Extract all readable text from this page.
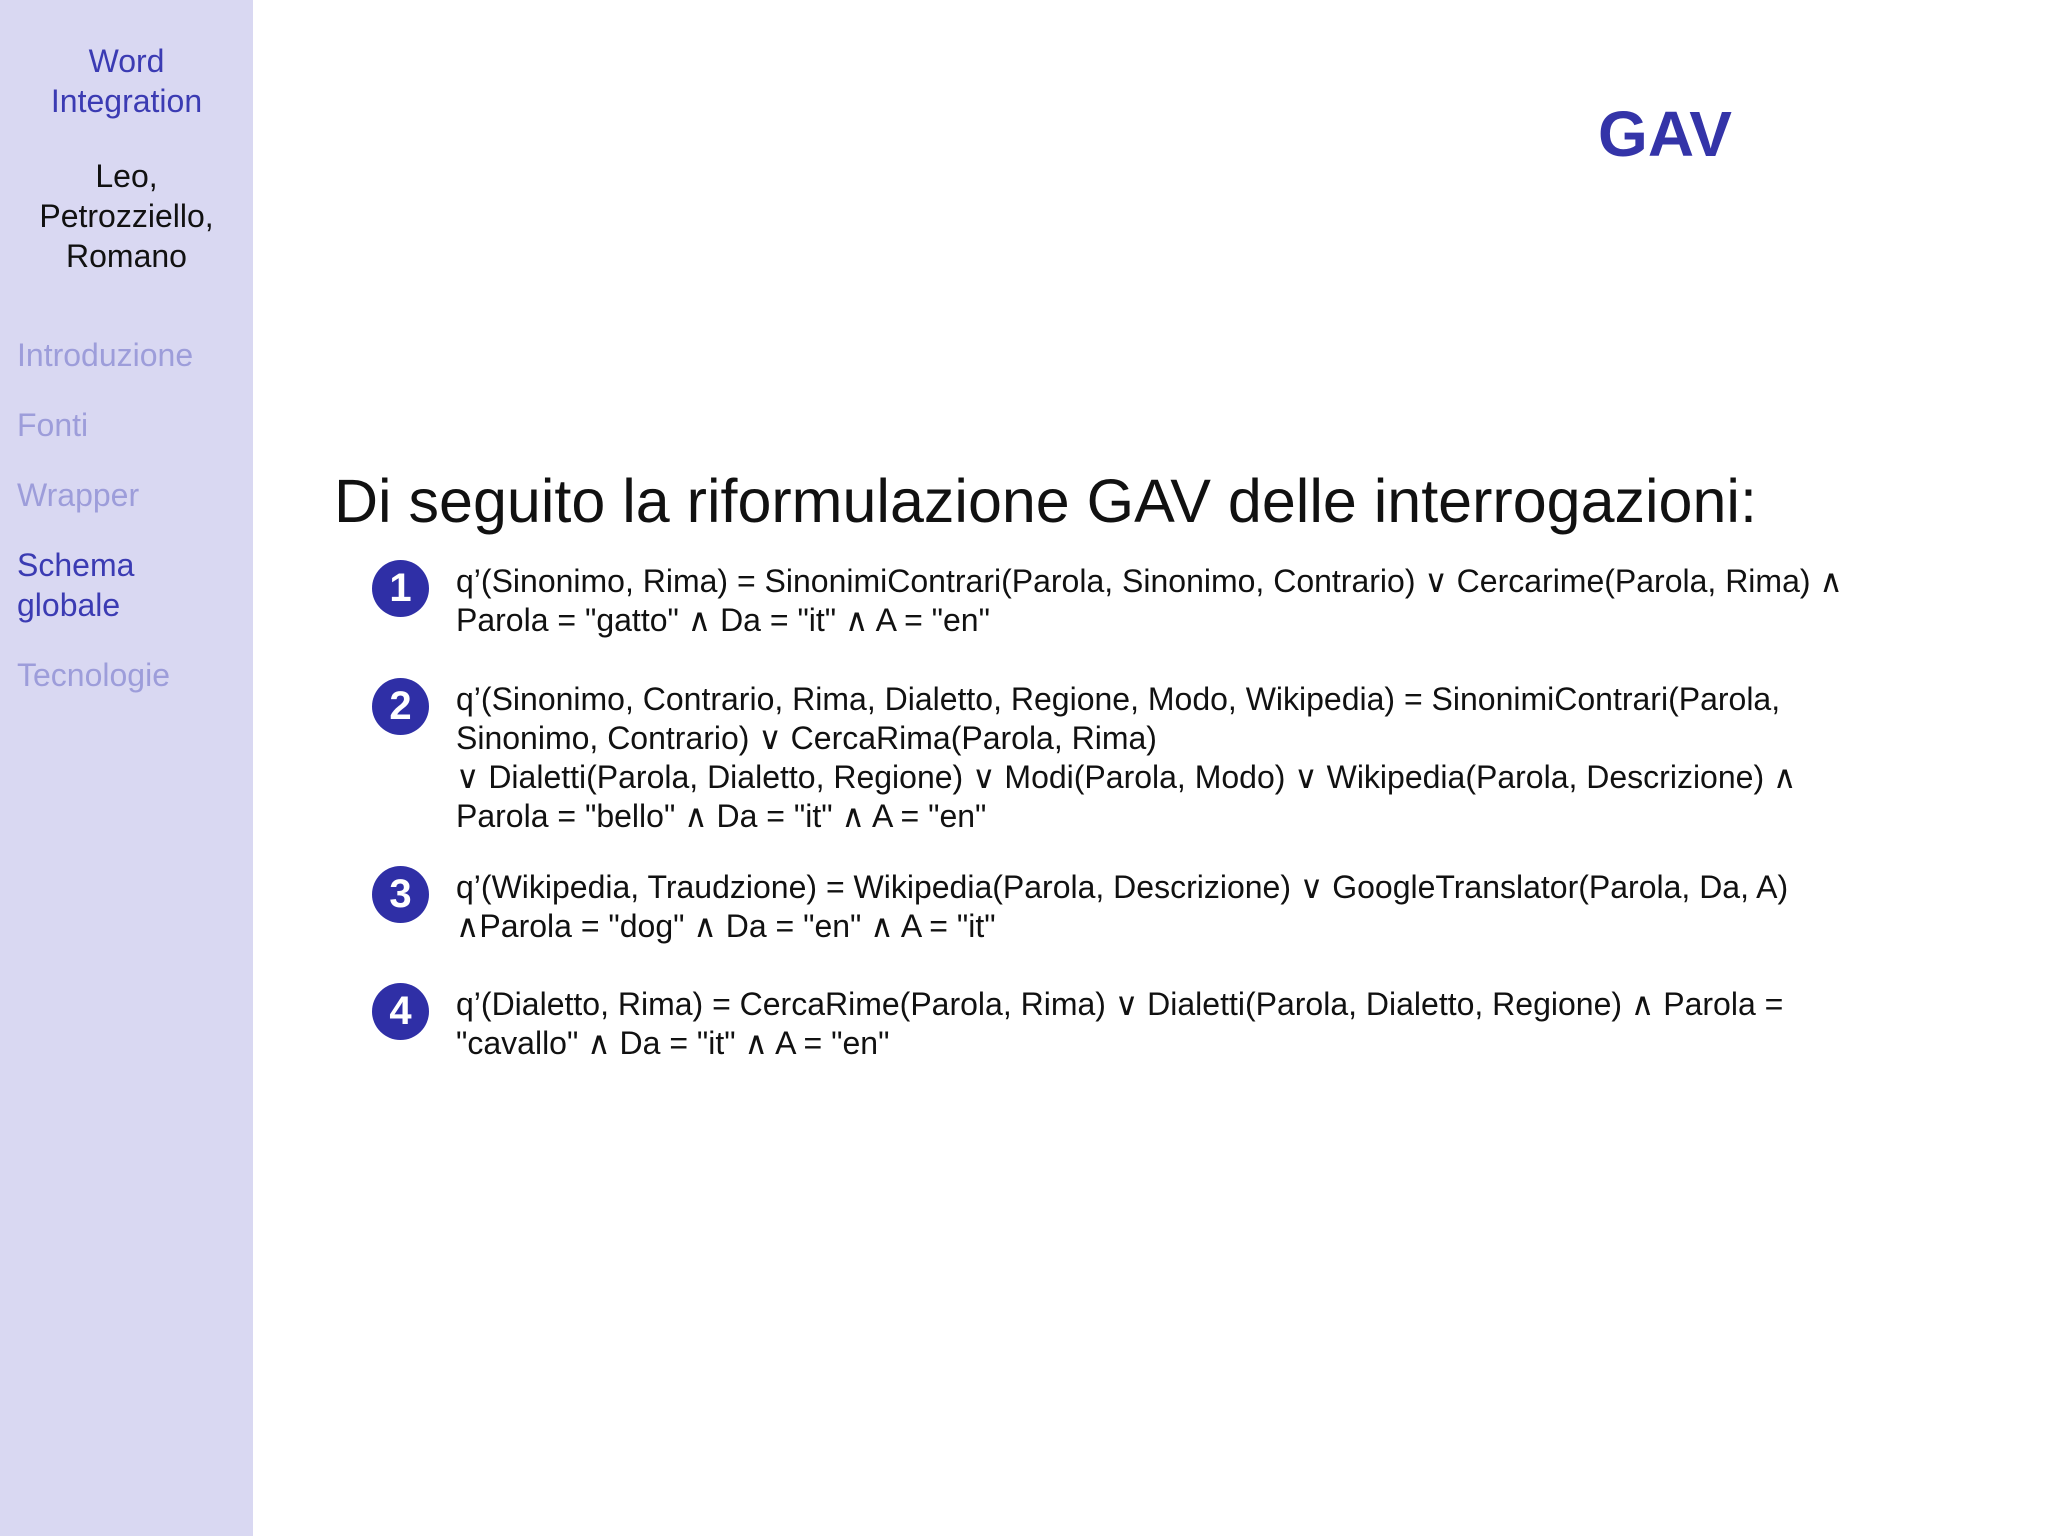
Word
Integration
Leo,
Petrozziello,
Romano
Introduzione
Fonti
Wrapper
Schema
globale
Tecnologie
GAV
Di seguito la riformulazione GAV delle interrogazioni:
1	q’(Sinonimo, Rima) = SinonimiContrari(Parola, Sinonimo, Contrario) ∨ Cercarime(Parola, Rima) ∧
Parola = "gatto" ∧ Da = "it" ∧ A = "en"
2	q’(Sinonimo, Contrario, Rima, Dialetto, Regione, Modo, Wikipedia) = SinonimiContrari(Parola,
Sinonimo, Contrario) ∨ CercaRima(Parola, Rima)
∨ Dialetti(Parola, Dialetto, Regione) ∨ Modi(Parola, Modo) ∨ Wikipedia(Parola, Descrizione) ∧
Parola = "bello" ∧ Da = "it" ∧ A = "en"
3	q’(Wikipedia, Traudzione) = Wikipedia(Parola, Descrizione) ∨ GoogleTranslator(Parola, Da, A)
∧Parola = "dog" ∧ Da = "en" ∧ A = "it"
4	q’(Dialetto, Rima) = CercaRime(Parola, Rima) ∨ Dialetti(Parola, Dialetto, Regione) ∧ Parola =
"cavallo" ∧ Da = "it" ∧ A = "en"
